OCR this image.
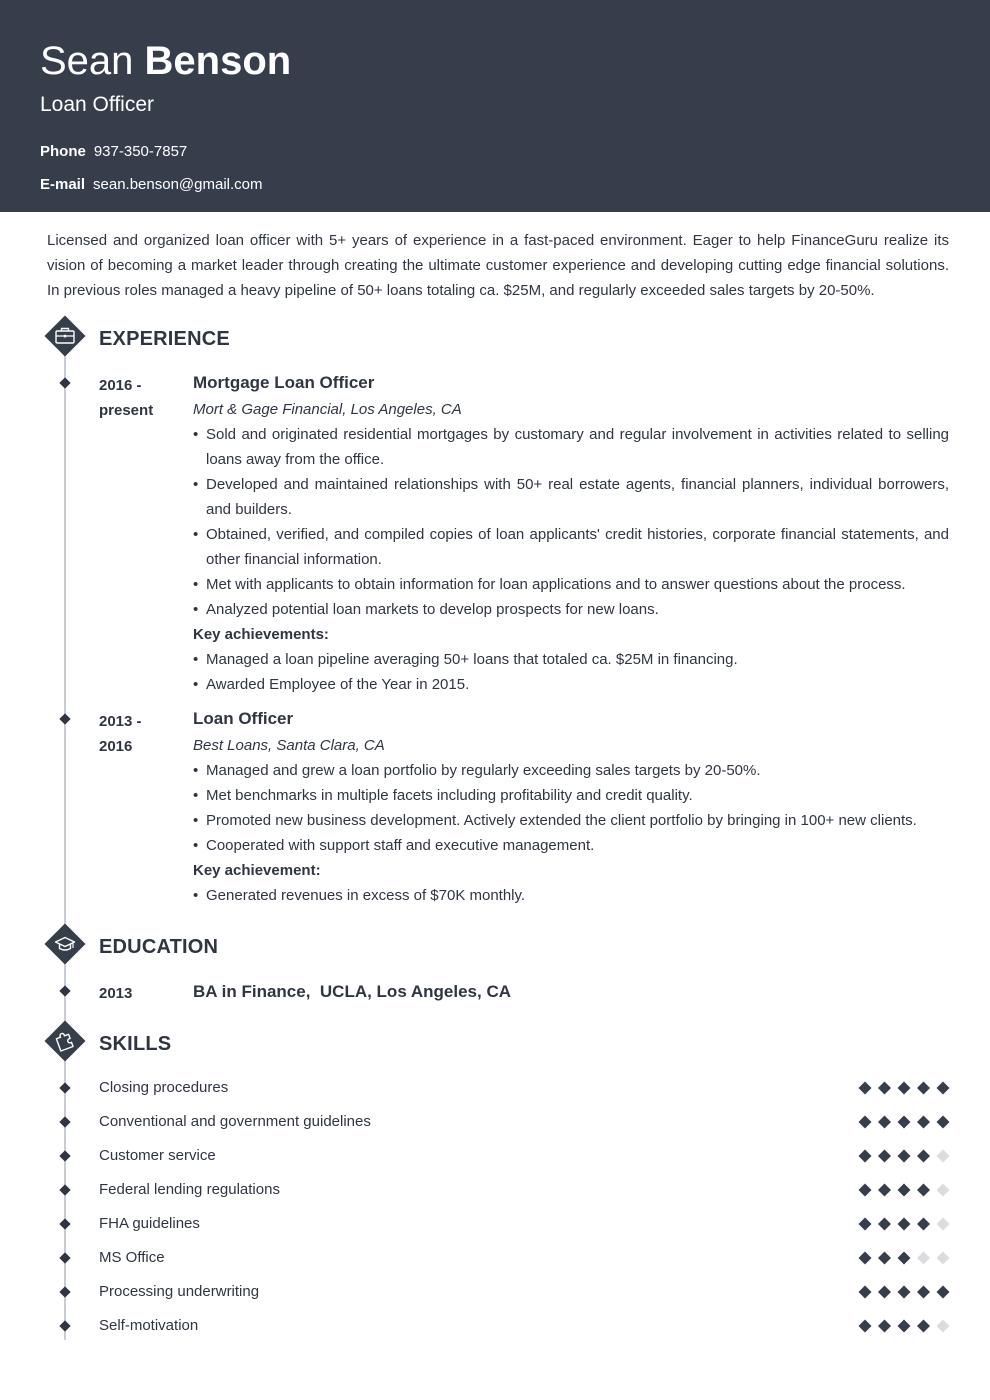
Sean Benson
Loan Officer
Phone 937-350-7857
E-mail sean.benson@gmail.com
Licensed and organized loan officer with 5+ years of experience in a fast-paced environment. Eager to help FinanceGuru realize its vision of becoming a market leader through creating the ultimate customer experience and developing cutting edge financial solutions. In previous roles managed a heavy pipeline of 50+ loans totaling ca. $25M, and regularly exceeded sales targets by 20-50%.
EXPERIENCE
2016 -
present
Mortgage Loan Officer
Mort & Gage Financial, Los Angeles, CA
• Sold and originated residential mortgages by customary and regular involvement in activities related to selling loans away from the office.
• Developed and maintained relationships with 50+ real estate agents, financial planners, individual borrowers, and builders.
• Obtained, verified, and compiled copies of loan applicants' credit histories, corporate financial statements, and other financial information.
• Met with applicants to obtain information for loan applications and to answer questions about the process.
• Analyzed potential loan markets to develop prospects for new loans.
Key achievements:
• Managed a loan pipeline averaging 50+ loans that totaled ca. $25M in financing.
• Awarded Employee of the Year in 2015.
2013 -
2016
Loan Officer
Best Loans, Santa Clara, CA
• Managed and grew a loan portfolio by regularly exceeding sales targets by 20-50%.
• Met benchmarks in multiple facets including profitability and credit quality.
• Promoted new business development. Actively extended the client portfolio by bringing in 100+ new clients.
• Cooperated with support staff and executive management.
Key achievement:
• Generated revenues in excess of $70K monthly.
EDUCATION
2013	BA in Finance,  UCLA, Los Angeles, CA
SKILLS
Closing procedures
Conventional and government guidelines
Customer service
Federal lending regulations
FHA guidelines
MS Office
Processing underwriting
Self-motivation
